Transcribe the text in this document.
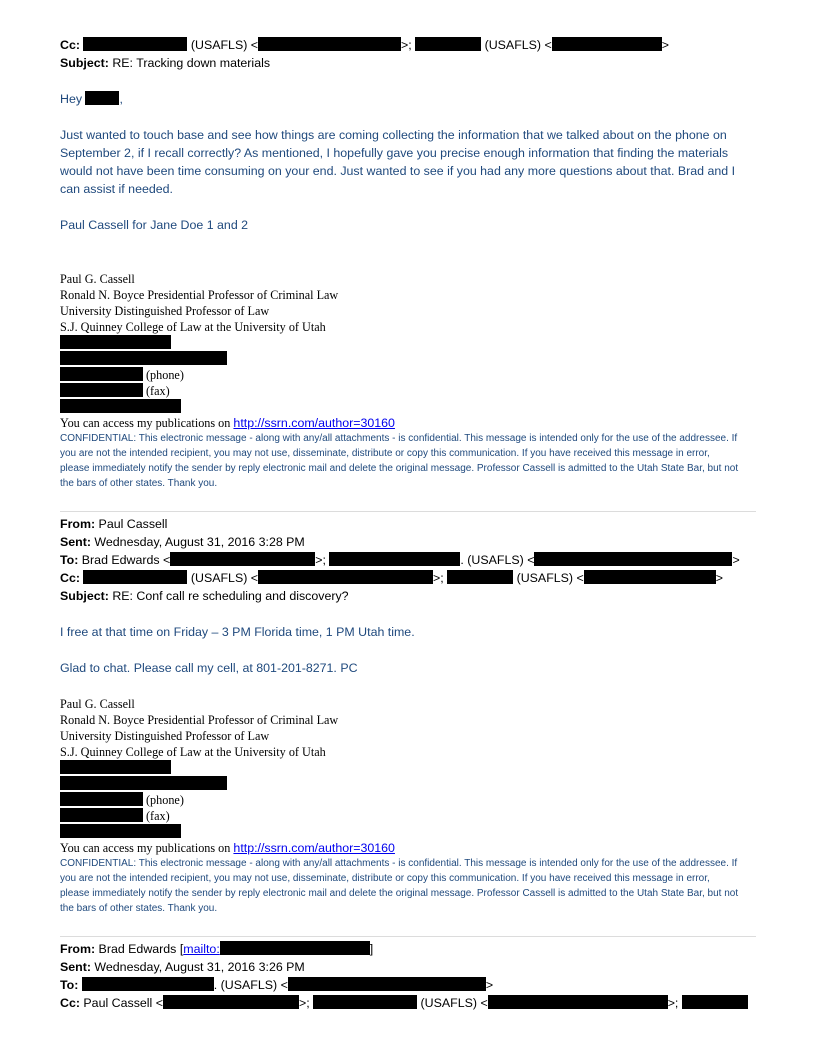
Cc:	(USAFLS) <	>;	(USAFLS) <	>
Subject: RE: Tracking down materials
Hey	,
Just wanted to touch base and see how things are coming collecting the information that we talked about on the phone on September 2, if I recall correctly? As mentioned, I hopefully gave you precise enough information that finding the materials would not have been time consuming on your end. Just wanted to see if you had any more questions about that. Brad and I can assist if needed.
Paul Cassell for Jane Doe 1 and 2
Paul G. Cassell
Ronald N. Boyce Presidential Professor of Criminal Law
University Distinguished Professor of Law
S.J. Quinney College of Law at the University of Utah
(phone)
(fax)
You can access my publications on http://ssrn.com/author=30160
CONFIDENTIAL: This electronic message - along with any/all attachments - is confidential. This message is intended only for the use of the addressee. If you are not the intended recipient, you may not use, disseminate, distribute or copy this communication. If you have received this message in error, please immediately notify the sender by reply electronic mail and delete the original message. Professor Cassell is admitted to the Utah State Bar, but not the bars of other states. Thank you.
From: Paul Cassell
Sent: Wednesday, August 31, 2016 3:28 PM
To: Brad Edwards <	>;	. (USAFLS) <	>
Cc:	(USAFLS) <	>;	(USAFLS) <	>
Subject: RE: Conf call re scheduling and discovery?
I free at that time on Friday – 3 PM Florida time, 1 PM Utah time.
Glad to chat. Please call my cell, at 801-201-8271. PC
Paul G. Cassell
Ronald N. Boyce Presidential Professor of Criminal Law
University Distinguished Professor of Law
S.J. Quinney College of Law at the University of Utah
(phone)
(fax)
You can access my publications on http://ssrn.com/author=30160
CONFIDENTIAL: This electronic message - along with any/all attachments - is confidential. This message is intended only for the use of the addressee. If you are not the intended recipient, you may not use, disseminate, distribute or copy this communication. If you have received this message in error, please immediately notify the sender by reply electronic mail and delete the original message. Professor Cassell is admitted to the Utah State Bar, but not the bars of other states. Thank you.
From: Brad Edwards [mailto:	]
Sent: Wednesday, August 31, 2016 3:26 PM
To:	. (USAFLS) <	>
Cc: Paul Cassell <	>;	(USAFLS) <	>;
